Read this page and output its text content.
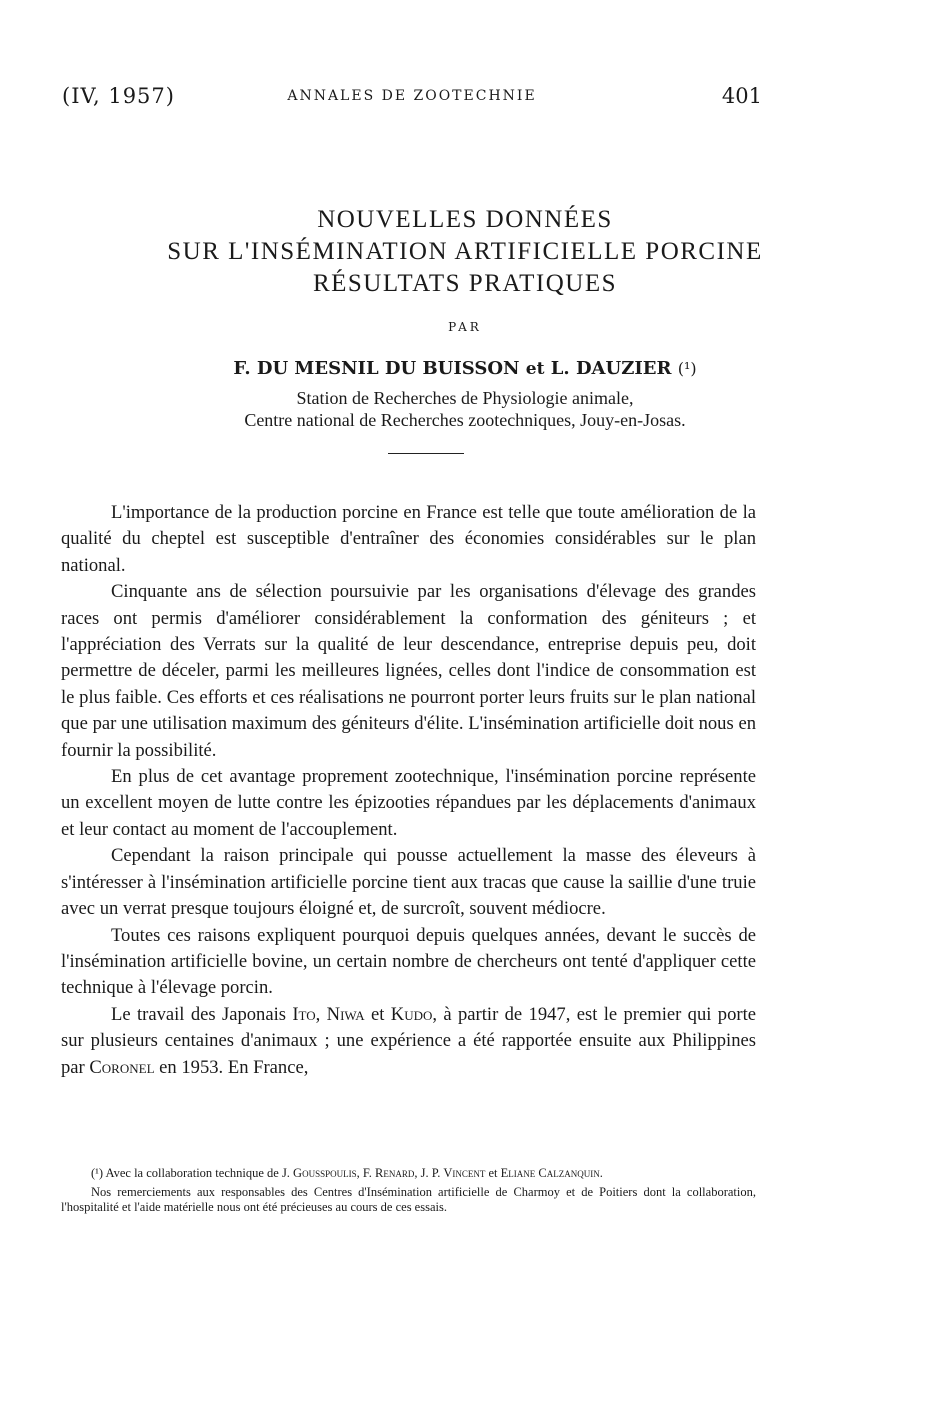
(IV, 1957)	ANNALES DE ZOOTECHNIE	401
NOUVELLES DONNÉES
SUR L'INSÉMINATION ARTIFICIELLE PORCINE
RÉSULTATS PRATIQUES
PAR
F. DU MESNIL DU BUISSON et L. DAUZIER (¹)
Station de Recherches de Physiologie animale,
Centre national de Recherches zootechniques, Jouy-en-Josas.

L'importance de la production porcine en France est telle que toute amélioration de la qualité du cheptel est susceptible d'entraîner des économies considérables sur le plan national.

Cinquante ans de sélection poursuivie par les organisations d'élevage des grandes races ont permis d'améliorer considérablement la conformation des géniteurs ; et l'appréciation des Verrats sur la qualité de leur descendance, entreprise depuis peu, doit permettre de déceler, parmi les meilleures lignées, celles dont l'indice de consommation est le plus faible. Ces efforts et ces réalisations ne pourront porter leurs fruits sur le plan national que par une utilisation maximum des géniteurs d'élite. L'insémination artificielle doit nous en fournir la possibilité.

En plus de cet avantage proprement zootechnique, l'insémination porcine représente un excellent moyen de lutte contre les épizooties répandues par les déplacements d'animaux et leur contact au moment de l'accouplement.

Cependant la raison principale qui pousse actuellement la masse des éleveurs à s'intéresser à l'insémination artificielle porcine tient aux tracas que cause la saillie d'une truie avec un verrat presque toujours éloigné et, de surcroît, souvent médiocre.

Toutes ces raisons expliquent pourquoi depuis quelques années, devant le succès de l'insémination artificielle bovine, un certain nombre de chercheurs ont tenté d'appliquer cette technique à l'élevage porcin.

Le travail des Japonais Ito, Niwa et Kudo, à partir de 1947, est le premier qui porte sur plusieurs centaines d'animaux ; une expérience a été rapportée ensuite aux Philippines par Coronel en 1953. En France,

(¹) Avec la collaboration technique de J. Gousspoulis, F. Renard, J. P. Vincent et Eliane Calzanquin.

Nos remerciements aux responsables des Centres d'Insémination artificielle de Charmoy et de Poitiers dont la collaboration, l'hospitalité et l'aide matérielle nous ont été précieuses au cours de ces essais.
